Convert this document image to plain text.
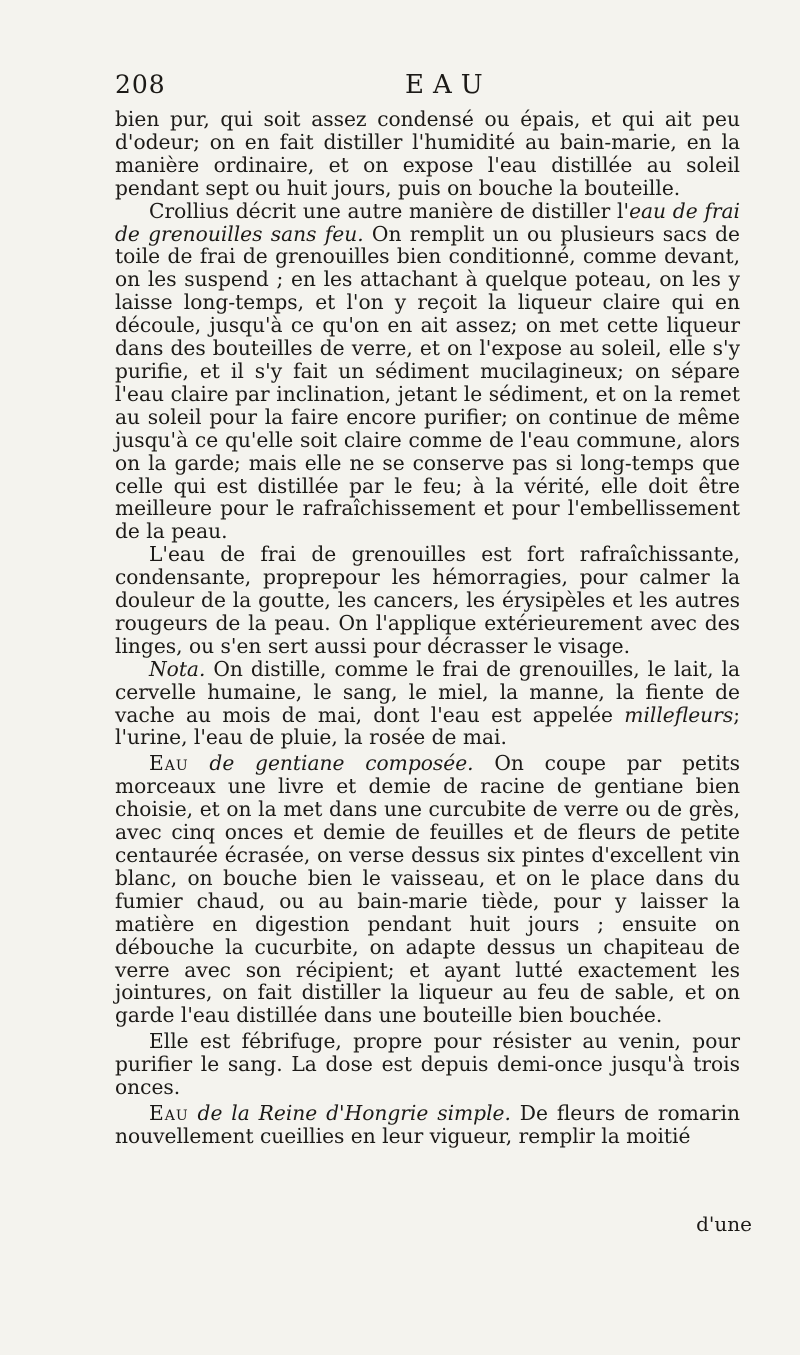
208	EAU

bien pur, qui soit assez condensé ou épais, et qui ait peu d'odeur; on en fait distiller l'humidité au bain-marie, en la manière ordinaire, et on expose l'eau distillée au soleil pendant sept ou huit jours, puis on bouche la bouteille.

Crollius décrit une autre manière de distiller l'eau de frai de grenouilles sans feu. On remplit un ou plusieurs sacs de toile de frai de grenouilles bien conditionné, comme devant, on les suspend ; en les attachant à quelque poteau, on les y laisse long-temps, et l'on y reçoit la liqueur claire qui en découle, jusqu'à ce qu'on en ait assez; on met cette liqueur dans des bouteilles de verre, et on l'expose au soleil, elle s'y purifie, et il s'y fait un sédiment mucilagineux; on sépare l'eau claire par inclination, jetant le sédiment, et on la remet au soleil pour la faire encore purifier; on continue de même jusqu'à ce qu'elle soit claire comme de l'eau commune, alors on la garde; mais elle ne se conserve pas si long-temps que celle qui est distillée par le feu; à la vérité, elle doit être meilleure pour le rafraîchissement et pour l'embellissement de la peau.

L'eau de frai de grenouilles est fort rafraîchissante, condensante, proprepour les hémorragies, pour calmer la douleur de la goutte, les cancers, les érysipèles et les autres rougeurs de la peau. On l'applique extérieurement avec des linges, ou s'en sert aussi pour décrasser le visage.

Nota. On distille, comme le frai de grenouilles, le lait, la cervelle humaine, le sang, le miel, la manne, la fiente de vache au mois de mai, dont l'eau est appelée millefleurs; l'urine, l'eau de pluie, la rosée de mai.

Eau de gentiane composée. On coupe par petits morceaux une livre et demie de racine de gentiane bien choisie, et on la met dans une curcubite de verre ou de grès, avec cinq onces et demie de feuilles et de fleurs de petite centaurée écrasée, on verse dessus six pintes d'excellent vin blanc, on bouche bien le vaisseau, et on le place dans du fumier chaud, ou au bain-marie tiède, pour y laisser la matière en digestion pendant huit jours ; ensuite on débouche la cucurbite, on adapte dessus un chapiteau de verre avec son récipient; et ayant lutté exactement les jointures, on fait distiller la liqueur au feu de sable, et on garde l'eau distillée dans une bouteille bien bouchée.

Elle est fébrifuge, propre pour résister au venin, pour purifier le sang. La dose est depuis demi-once jusqu'à trois onces.

Eau de la Reine d'Hongrie simple. De fleurs de romarin nouvellement cueillies en leur vigueur, remplir la moitié

d'une
